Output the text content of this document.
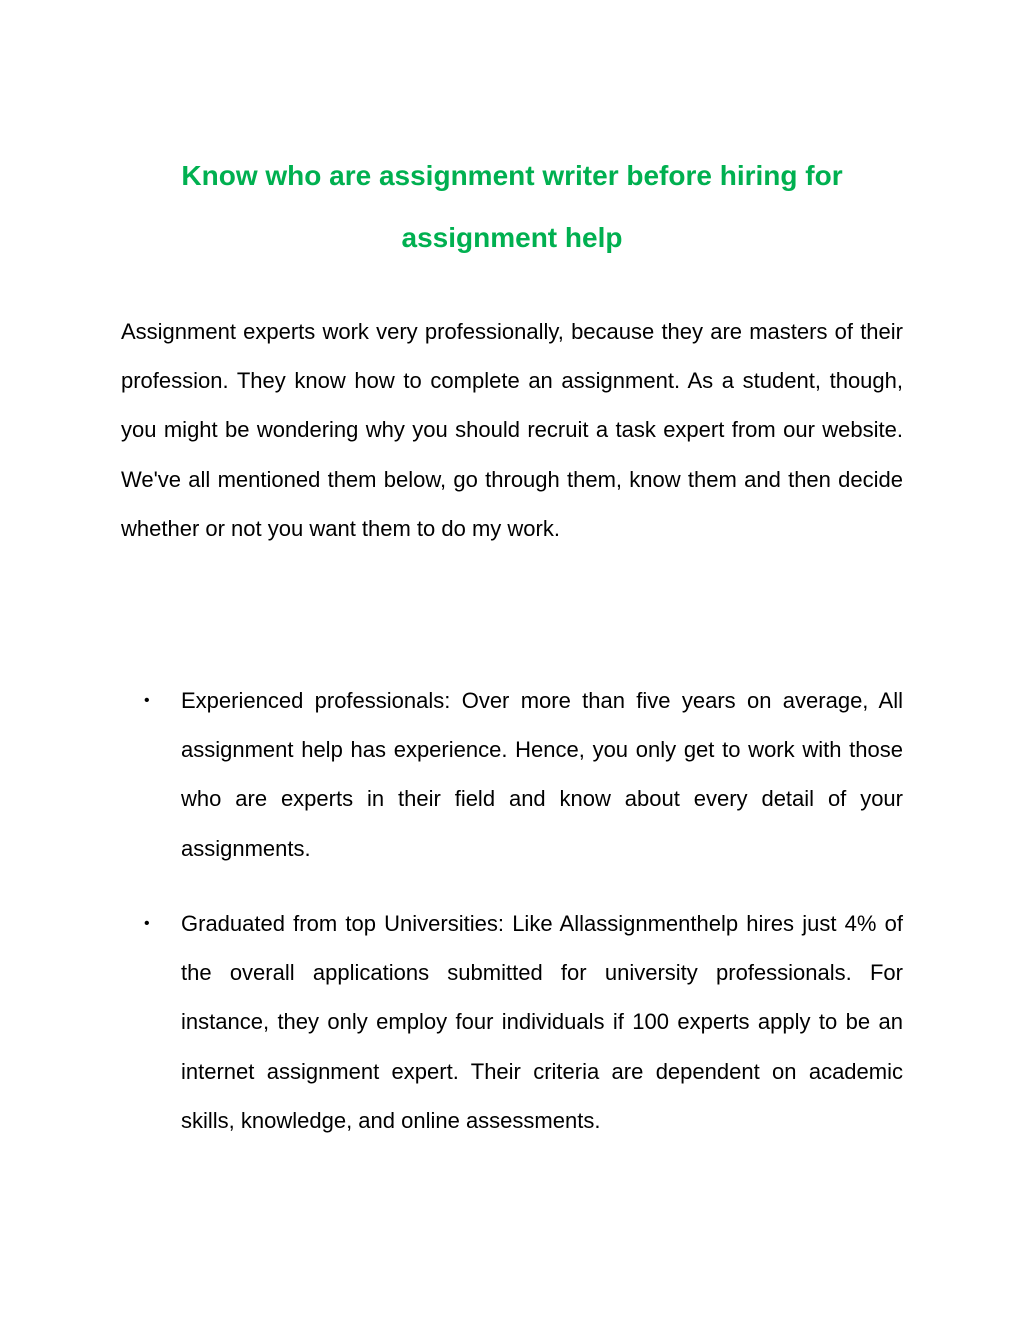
Know who are assignment writer before hiring for assignment help

Assignment experts work very professionally, because they are masters of their profession. They know how to complete an assignment. As a student, though, you might be wondering why you should recruit a task expert from our website. We've all mentioned them below, go through them, know them and then decide whether or not you want them to do my work.

• Experienced professionals: Over more than five years on average, All assignment help has experience. Hence, you only get to work with those who are experts in their field and know about every detail of your assignments.
• Graduated from top Universities: Like Allassignmenthelp hires just 4% of the overall applications submitted for university professionals. For instance, they only employ four individuals if 100 experts apply to be an internet assignment expert. Their criteria are dependent on academic skills, knowledge, and online assessments.
